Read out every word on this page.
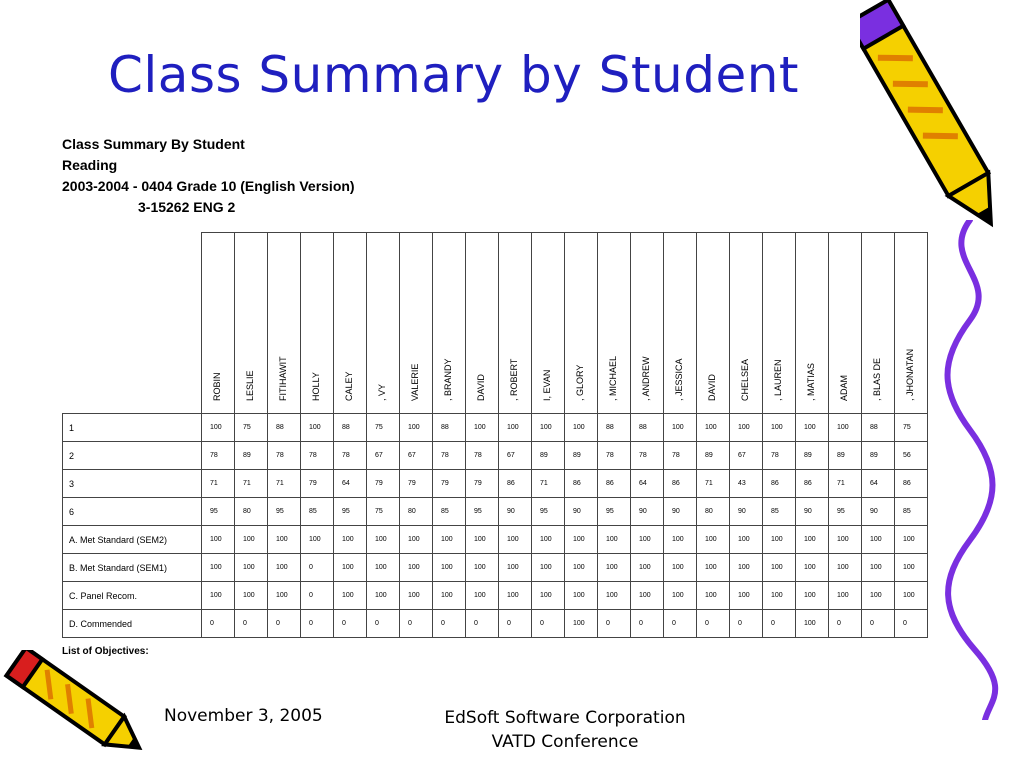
Class Summary by Student
Class Summary By Student
Reading
2003-2004 - 0404 Grade 10 (English Version)
3-15262 ENG 2

	ROBIN	LESLIE	FITIHAWIT	HOLLY	CALEY	, VY	VALERIE	, BRANDY	DAVID	, ROBERT	I, EVAN	, GLORY	, MICHAEL	, ANDREW	, JESSICA	DAVID	CHELSEA	, LAUREN	, MATIAS	ADAM	, BLAS DE	, JHONATAN

1	100	75	88	100	88	75	100	88	100	100	100	100	88	88	100	100	100	100	100	100	88	75
2	78	89	78	78	78	67	67	78	78	67	89	89	78	78	78	89	67	78	89	89	89	56
3	71	71	71	79	64	79	79	79	79	86	71	86	86	64	86	71	43	86	86	71	64	86
6	95	80	95	85	95	75	80	85	95	90	95	90	95	90	90	80	90	85	90	95	90	85
A. Met Standard (SEM2)	100	100	100	100	100	100	100	100	100	100	100	100	100	100	100	100	100	100	100	100	100	100
B. Met Standard (SEM1)	100	100	100	0	100	100	100	100	100	100	100	100	100	100	100	100	100	100	100	100	100	100
C. Panel Recom.	100	100	100	0	100	100	100	100	100	100	100	100	100	100	100	100	100	100	100	100	100	100
D. Commended	0	0	0	0	0	0	0	0	0	0	0	100	0	0	0	0	0	0	100	0	0	0
List of Objectives:
November 3, 2005	EdSoft Software Corporation
VATD Conference
